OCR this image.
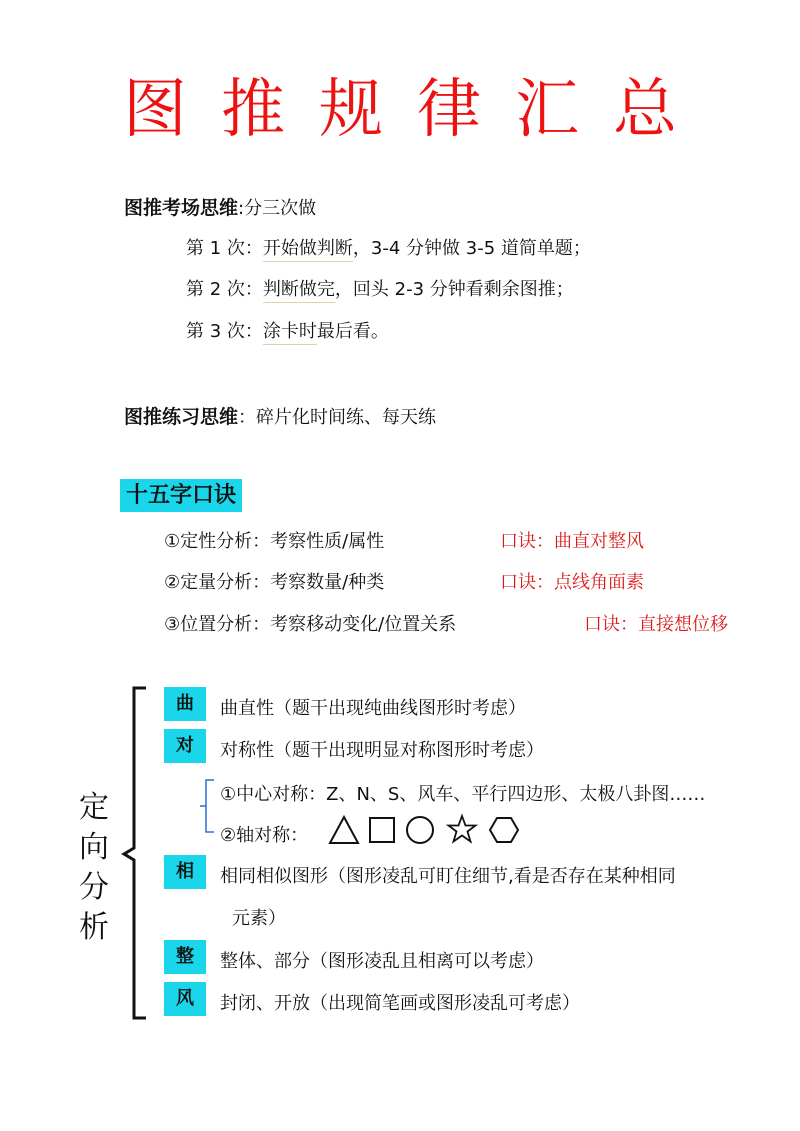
图推规律汇总
图推考场思维:分三次做
第 1 次：开始做判断，3-4 分钟做 3-5 道简单题；
第 2 次：判断做完，回头 2-3 分钟看剩余图推；
第 3 次：涂卡时最后看。
图推练习思维：碎片化时间练、每天练
十五字口诀
①定性分析：考察性质/属性	口诀：曲直对整风
②定量分析：考察数量/种类	口诀：点线角面素
③位置分析：考察移动变化/位置关系	口诀：直接想位移
定
向
分
析
曲	曲直性（题干出现纯曲线图形时考虑）
对	对称性（题干出现明显对称图形时考虑）
①中心对称：Z、N、S、风车、平行四边形、太极八卦图……
②轴对称：
相	相同相似图形（图形凌乱可盯住细节,看是否存在某种相同
元素）
整	整体、部分（图形凌乱且相离可以考虑）
风	封闭、开放（出现简笔画或图形凌乱可考虑）
